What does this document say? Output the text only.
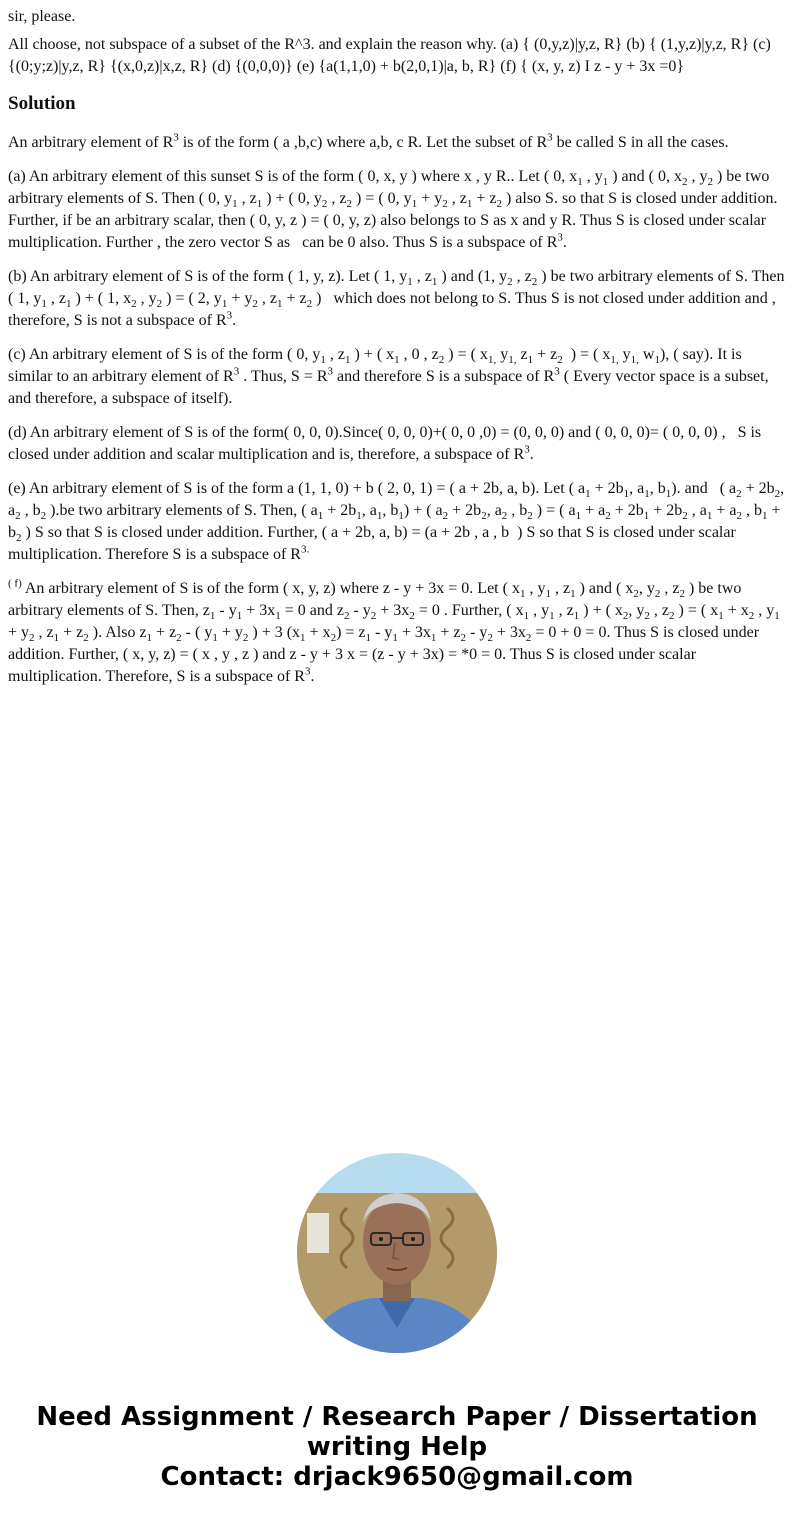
sir, please.

All choose, not subspace of a subset of the R^3. and explain the reason why. (a) { (0,y,z)|y,z, R} (b) { (1,y,z)|y,z, R} (c) {(0;y;z)|y,z, R} {(x,0,z)|x,z, R} (d) {(0,0,0)} (e) {a(1,1,0) + b(2,0,1)|a, b, R} (f) { (x, y, z) I z - y + 3x =0}

Solution

An arbitrary element of $R^3$ is of the form ( a ,b,c) where a,b, c R. Let the subset of $R^3$ be called S in all the cases.

(a) An arbitrary element of this sunset S is of the form ( 0, x, y ) where x , y R.. Let ( 0, $x_1$ , $y_1$ ) and ( 0, $x_2$ , $y_2$ ) be two arbitrary elements of S. Then ( 0, $y_1$ , $z_1$ ) + ( 0, $y_2$ , $z_2$ ) = ( 0, $y_1 + y_2$ , $z_1 + z_2$ ) also S. so that S is closed under addition. Further, if be an arbitrary scalar, then ( 0, y, z ) = ( 0, y, z) also belongs to S as x and y R. Thus S is closed under scalar multiplication. Further , the zero vector S as   can be 0 also. Thus S is a subspace of $R^3$.

(b) An arbitrary element of S is of the form ( 1, y, z). Let ( 1, $y_1$ , $z_1$ ) and (1, $y_2$ , $z_2$ ) be two arbitrary elements of S. Then ( 1, $y_1$ , $z_1$ ) + ( 1, $x_2$ , $y_2$ ) = ( 2, $y_1 + y_2$ , $z_1 + z_2$ )   which does not belong to S. Thus S is not closed under addition and , therefore, S is not a subspace of $R^3$.

(c) An arbitrary element of S is of the form ( 0, $y_1$ , $z_1$ ) + ( $x_1$ , 0 , $z_2$ ) = ( $x_{1,}$ $y_{1,}$ $z_1 + z_2$  ) = ( $x_{1,}$ $y_{1,}$ $w_1$), ( say). It is similar to an arbitrary element of $R^3$ . Thus, $S = R^3$ and therefore S is a subspace of $R^3$ ( Every vector space is a subset, and therefore, a subspace of itself).

(d) An arbitrary element of S is of the form( 0, 0, 0).Since( 0, 0, 0)+( 0, 0 ,0) = (0, 0, 0) and ( 0, 0, 0)= ( 0, 0, 0) ,   S is closed under addition and scalar multiplication and is, therefore, a subspace of $R^3$.

(e) An arbitrary element of S is of the form a (1, 1, 0) + b ( 2, 0, 1) = ( a + 2b, a, b). Let ( $a_1 + 2b_1$, $a_1$, $b_1$). and   ( $a_2 + 2b_2$, $a_2$ , $b_2$ ).be two arbitrary elements of S. Then, ( $a_1 + 2b_1$, $a_1$, $b_1$) + ( $a_2 + 2b_2$, $a_2$ , $b_2$ ) = ( $a_1 + a_2 + 2b_1 + 2b_2$ , $a_1 + a_2$ , $b_1 + b_2$ ) S so that S is closed under addition. Further, ( a + 2b, a, b) = (a + 2b , a , b  ) S so that S is closed under scalar multiplication. Therefore S is a subspace of $R^{3.}$

$^{( f)}$ An arbitrary element of S is of the form ( x, y, z) where z - y + 3x = 0. Let ( $x_1$ , $y_1$ , $z_1$ ) and ( $x_2$, $y_2$ , $z_2$ ) be two arbitrary elements of S. Then, $z_1 - y_1 + 3x_1 = 0$ and $z_2 - y_2 + 3x_2 = 0$ . Further, ( $x_1$ , $y_1$ , $z_1$ ) + ( $x_2$, $y_2$ , $z_2$ ) = ( $x_1 + x_2$ , $y_1 + y_2$ , $z_1 + z_2$ ). Also $z_1 + z_2$ - ( $y_1 + y_2$ ) + 3 $(x_1 + x_2) = z_1 - y_1 + 3x_1 + z_2 - y_2 + 3x_2 = 0 + 0 = 0$. Thus S is closed under addition. Further, ( x, y, z) = ( x , y , z ) and z - y + 3 x = (z - y + 3x) = *0 = 0. Thus S is closed under scalar multiplication. Therefore, S is a subspace of $R^3$.

Need Assignment / Research Paper / Dissertation
writing Help
Contact: drjack9650@gmail.com
